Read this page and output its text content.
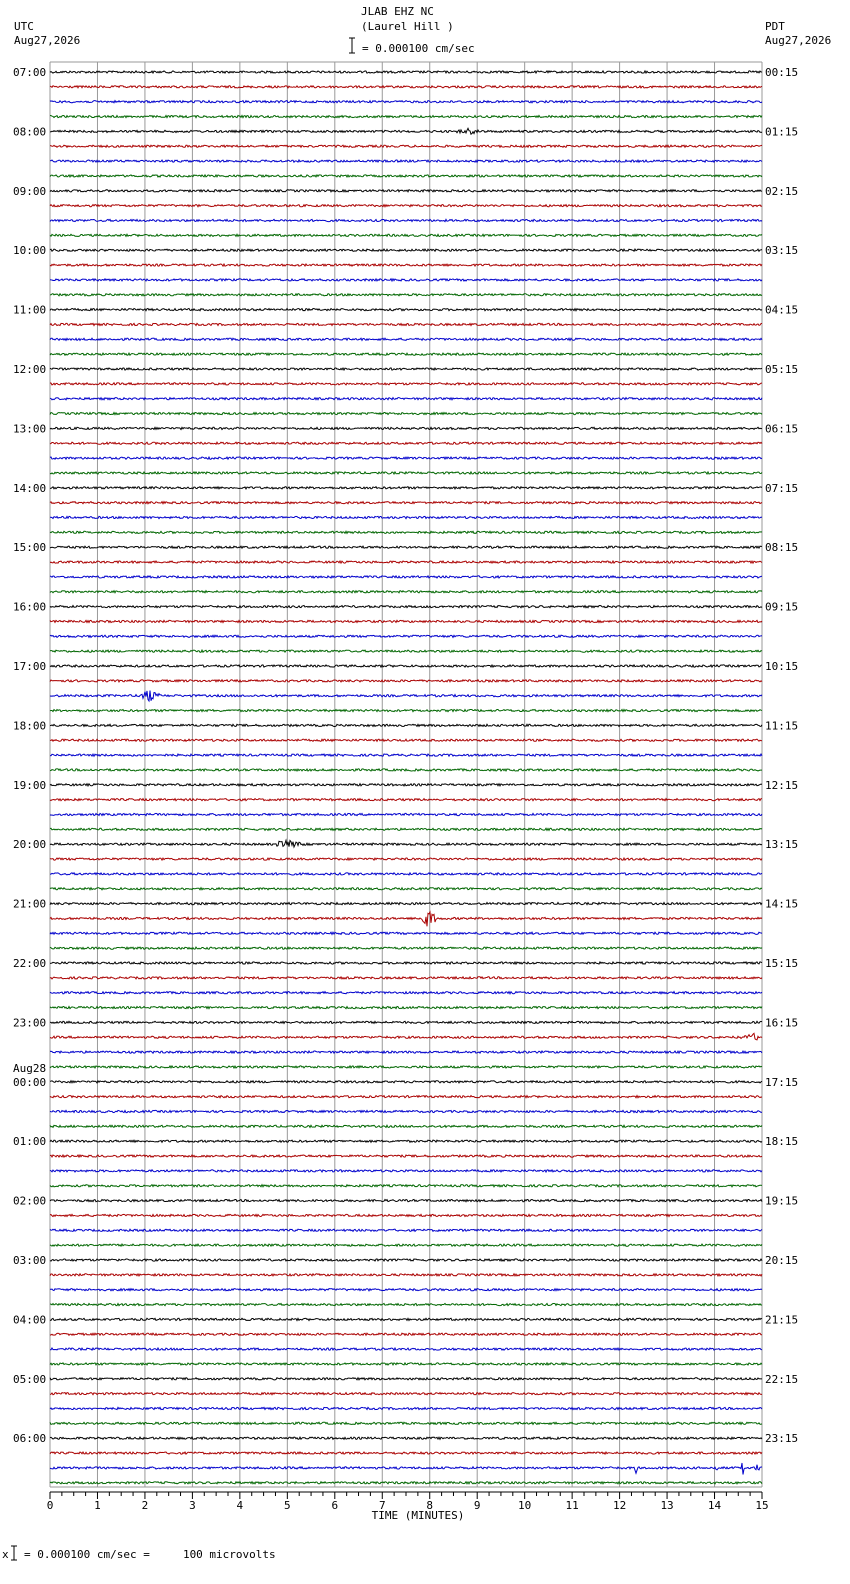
JLAB EHZ NC
(Laurel Hill )
= 0.000100 cm/sec
UTC
Aug27,2026
PDT
Aug27,2026
07:00
08:00
09:00
10:00
11:00
12:00
13:00
14:00
15:00
16:00
17:00
18:00
19:00
20:00
21:00
22:00
23:00
00:00
01:00
02:00
03:00
04:00
05:00
06:00
Aug28
00:15
01:15
02:15
03:15
04:15
05:15
06:15
07:15
08:15
09:15
10:15
11:15
12:15
13:15
14:15
15:15
16:15
17:15
18:15
19:15
20:15
21:15
22:15
23:15
0	1	2	3	4	5	6	7	8	9	10	11	12	13	14	15
TIME (MINUTES)
x = 0.000100 cm/sec =     100 microvolts
